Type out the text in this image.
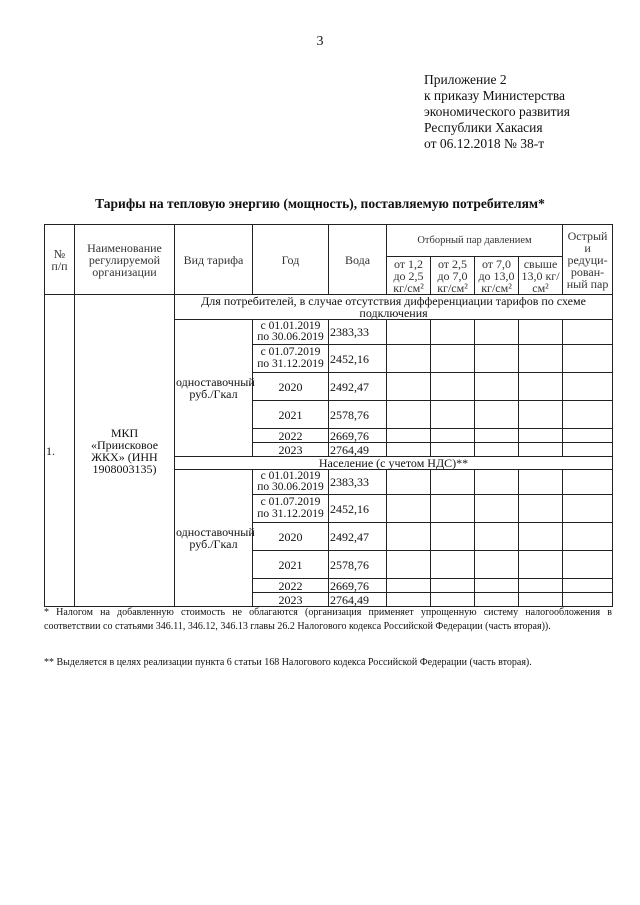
3
Приложение 2
к приказу Министерства
экономического развития
Республики Хакасия
от 06.12.2018 № 38-т
Тарифы на тепловую энергию (мощность), поставляемую потребителям*
№
п/п	Наименование регулируемой организации	Вид тарифа	Год	Вода	Отборный пар давлением				Острый и редуци-рован-ный пар
					от 1,2 до 2,5 кг/см²	от 2,5 до 7,0 кг/см²	от 7,0 до 13,0 кг/см²	свыше 13,0 кг/см²	
1.	МКП «Приисковое ЖКХ» (ИНН 1908003135)	Для потребителей, в случае отсутствия дифференциации тарифов по схеме подключения							
		одноставочный руб./Гкал	с 01.01.2019
по 30.06.2019	2383,33					

			с 01.07.2019
по 31.12.2019	2452,16					
			2020	2492,47					
			2021	2578,76					
			2022	2669,76					
			2023	2764,49					
		Население (с учетом НДС)**							
		одноставочный руб./Гкал	с 01.01.2019
по 30.06.2019	2383,33					

			с 01.07.2019
по 31.12.2019	2452,16					
			2020	2492,47					
			2021	2578,76					
			2022	2669,76					
			2023	2764,49					
* Налогом на добавленную стоимость не облагаются (организация применяет упрощенную систему налогообложения в соответствии со статьями 346.11, 346.12, 346.13 главы 26.2 Налогового кодекса Российской Федерации (часть вторая)).
** Выделяется в целях реализации пункта 6 статьи 168 Налогового кодекса Российской Федерации (часть вторая).
